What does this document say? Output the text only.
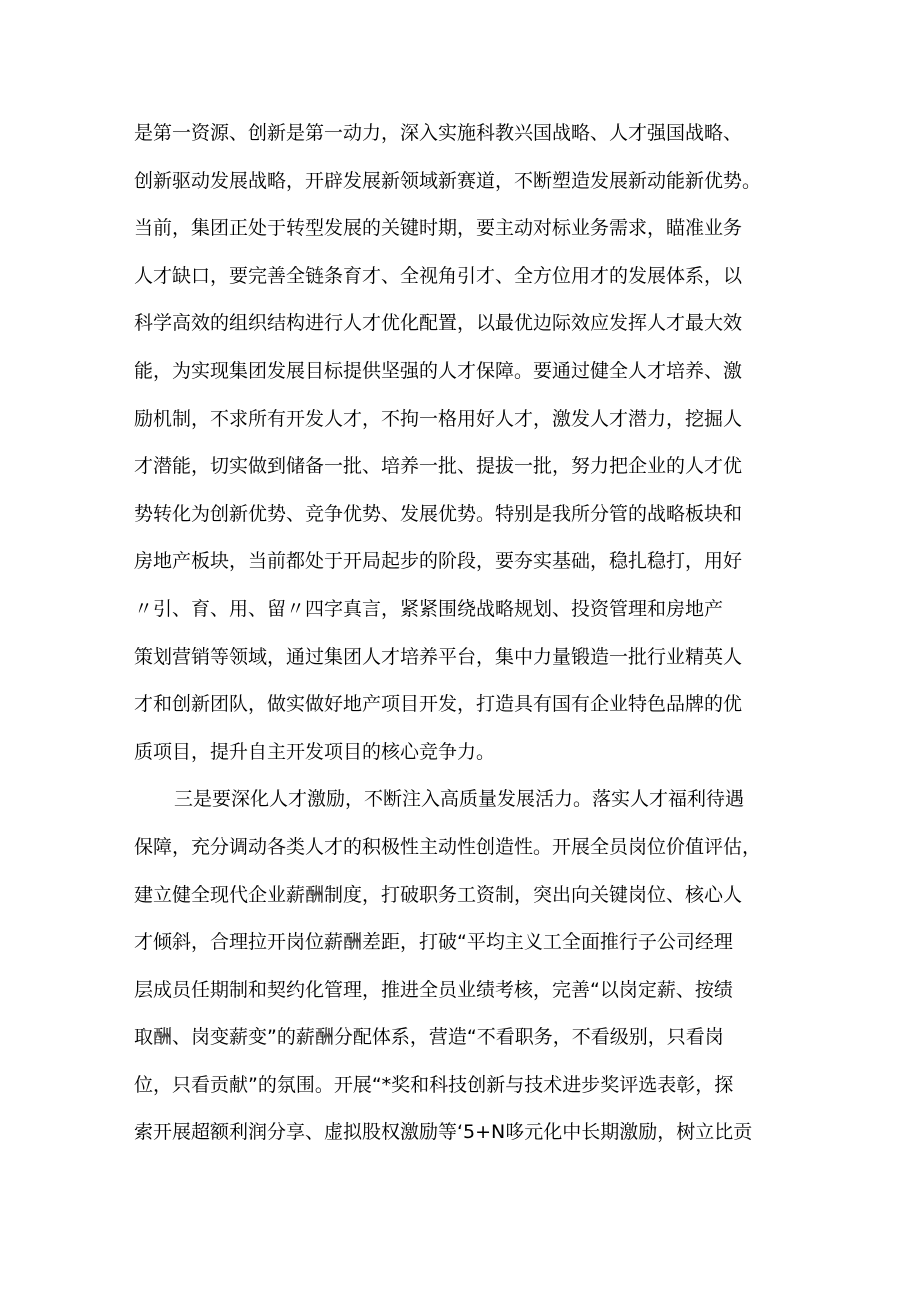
是第一资源、创新是第一动力，深入实施科教兴国战略、人才强国战略、
创新驱动发展战略，开辟发展新领域新赛道，不断塑造发展新动能新优势。
当前，集团正处于转型发展的关键时期，要主动对标业务需求，瞄准业务
人才缺口，要完善全链条育才、全视角引才、全方位用才的发展体系，以
科学高效的组织结构进行人才优化配置，以最优边际效应发挥人才最大效
能，为实现集团发展目标提供坚强的人才保障。要通过健全人才培养、激
励机制，不求所有开发人才，不拘一格用好人才，激发人才潜力，挖掘人
才潜能，切实做到储备一批、培养一批、提拔一批，努力把企业的人才优
势转化为创新优势、竞争优势、发展优势。特别是我所分管的战略板块和
房地产板块，当前都处于开局起步的阶段，要夯实基础，稳扎稳打，用好
〃引、育、用、留〃四字真言，紧紧围绕战略规划、投资管理和房地产
策划营销等领域，通过集团人才培养平台，集中力量锻造一批行业精英人
才和创新团队，做实做好地产项目开发，打造具有国有企业特色品牌的优
质项目，提升自主开发项目的核心竞争力。
三是要深化人才激励，不断注入高质量发展活力。落实人才福利待遇
保障，充分调动各类人才的积极性主动性创造性。开展全员岗位价值评估，
建立健全现代企业薪酬制度，打破职务工资制，突出向关键岗位、核心人
才倾斜，合理拉开岗位薪酬差距，打破“平均主义工全面推行子公司经理
层成员任期制和契约化管理，推进全员业绩考核，完善“以岗定薪、按绩
取酬、岗变薪变”的薪酬分配体系，营造“不看职务，不看级别，只看岗
位，只看贡献”的氛围。开展“*奖和科技创新与技术进步奖评选表彰，探
索开展超额利润分享、虚拟股权激励等‘5+N哆元化中长期激励，树立比贡
